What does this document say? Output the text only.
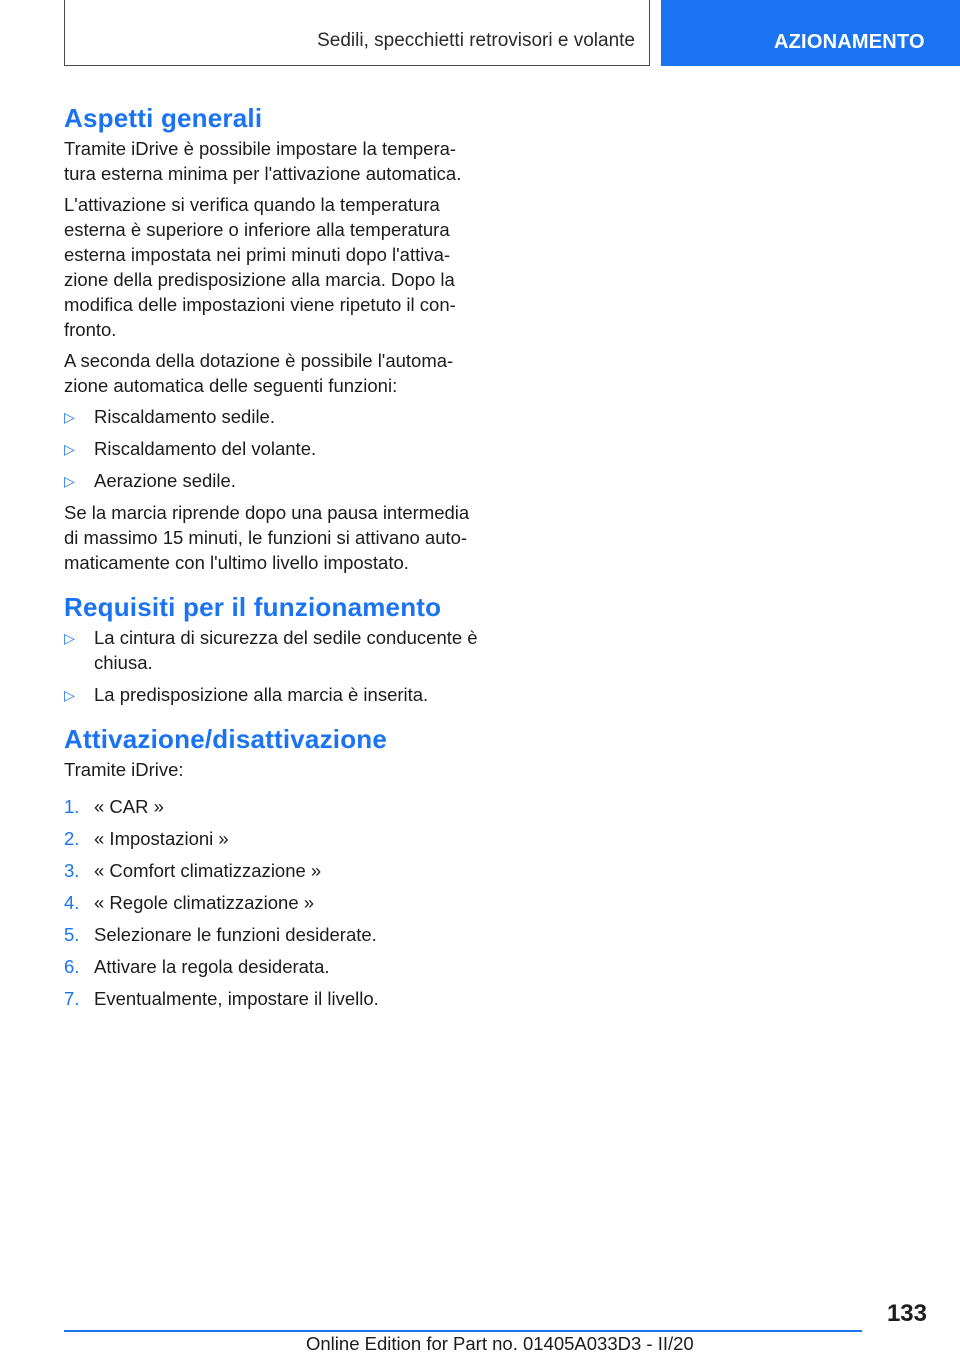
Sedili, specchietti retrovisori e volante	AZIONAMENTO
Aspetti generali

Tramite iDrive è possibile impostare la tempera-tura esterna minima per l'attivazione automatica.

L'attivazione si verifica quando la temperatura esterna è superiore o inferiore alla temperatura esterna impostata nei primi minuti dopo l'attiva-zione della predisposizione alla marcia. Dopo la modifica delle impostazioni viene ripetuto il con-fronto.

A seconda della dotazione è possibile l'automa-zione automatica delle seguenti funzioni:

▷ Riscaldamento sedile.
▷ Riscaldamento del volante.
▷ Aerazione sedile.

Se la marcia riprende dopo una pausa intermedia di massimo 15 minuti, le funzioni si attivano auto-maticamente con l'ultimo livello impostato.

Requisiti per il funzionamento
▷ La cintura di sicurezza del sedile conducente è chiusa.
▷ La predisposizione alla marcia è inserita.
Attivazione/disattivazione

Tramite iDrive:

1. « CAR »
2. « Impostazioni »
3. « Comfort climatizzazione »
4. « Regole climatizzazione »
5. Selezionare le funzioni desiderate.
6. Attivare la regola desiderata.
7. Eventualmente, impostare il livello.
133
Online Edition for Part no. 01405A033D3 - II/20
